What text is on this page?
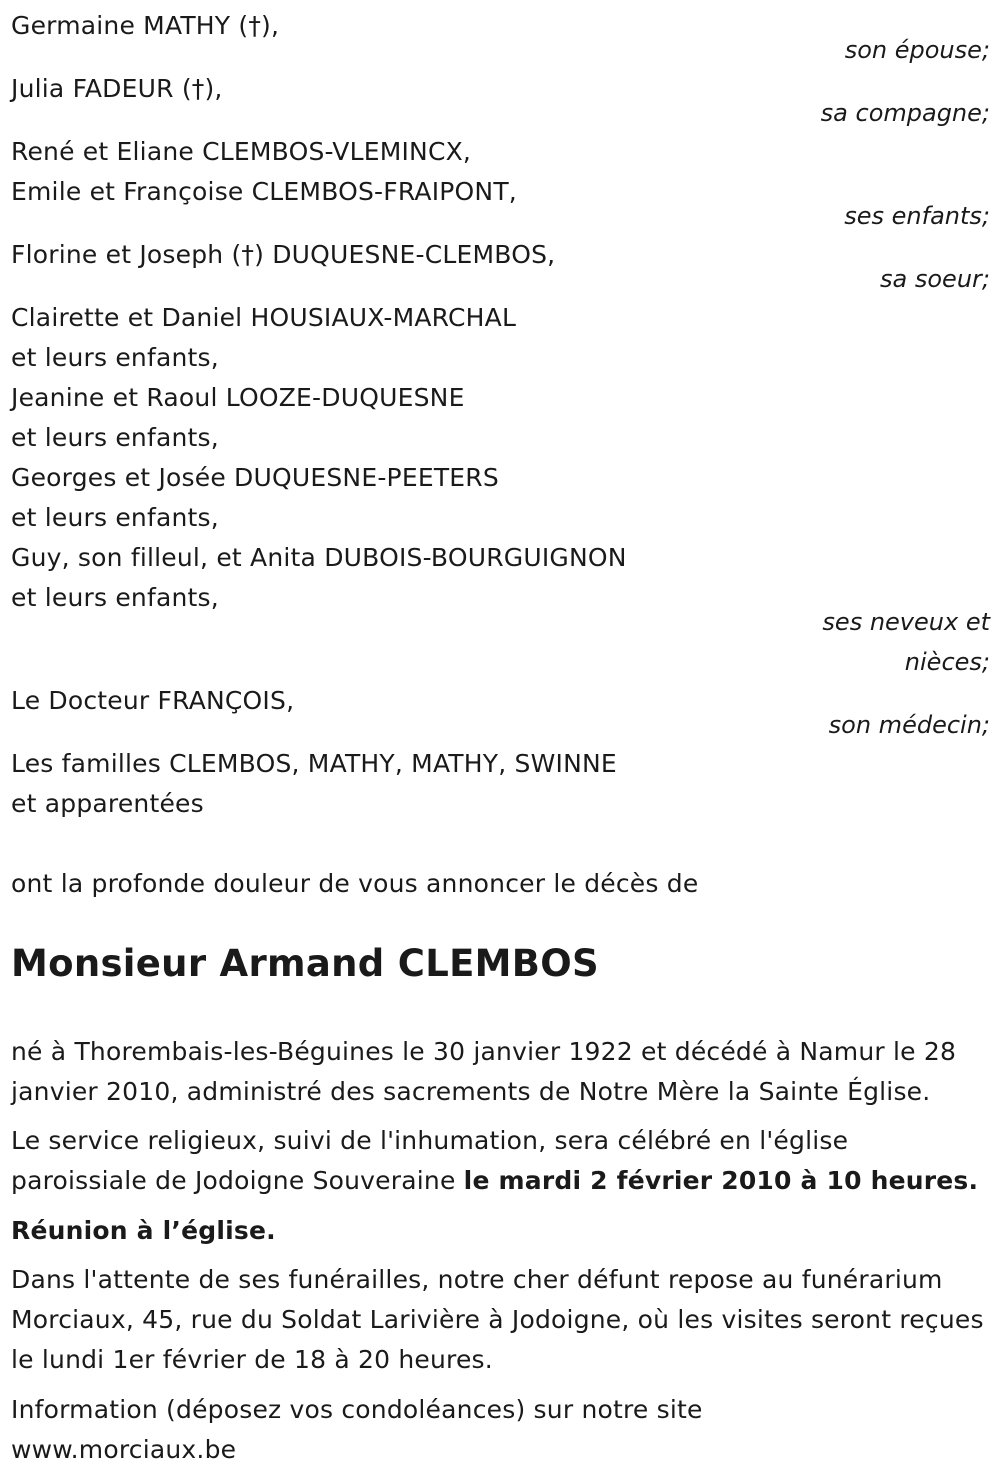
Germaine MATHY (†),
son épouse;
Julia FADEUR (†),
sa compagne;
René et Eliane CLEMBOS-VLEMINCX,
Emile et Françoise CLEMBOS-FRAIPONT,
ses enfants;
Florine et Joseph (†) DUQUESNE-CLEMBOS,
sa soeur;
Clairette et Daniel HOUSIAUX-MARCHAL
et leurs enfants,
Jeanine et Raoul LOOZE-DUQUESNE
et leurs enfants,
Georges et Josée DUQUESNE-PEETERS
et leurs enfants,
Guy, son filleul, et Anita DUBOIS-BOURGUIGNON
et leurs enfants,
ses neveux et
nièces;
Le Docteur FRANÇOIS,
son médecin;
Les familles CLEMBOS, MATHY, MATHY, SWINNE
et apparentées
ont la profonde douleur de vous annoncer le décès de
Monsieur Armand CLEMBOS
né à Thorembais-les-Béguines le 30 janvier 1922 et décédé à Namur le 28 janvier 2010, administré des sacrements de Notre Mère la Sainte Église.
Le service religieux, suivi de l'inhumation, sera célébré en l'église paroissiale de Jodoigne Souveraine le mardi 2 février 2010 à 10 heures.
Réunion à l’église.
Dans l'attente de ses funérailles, notre cher défunt repose au funérarium Morciaux, 45, rue du Soldat Larivière à Jodoigne, où les visites seront reçues le lundi 1er février de 18 à 20 heures.
Information (déposez vos condoléances) sur notre site www.morciaux.be
